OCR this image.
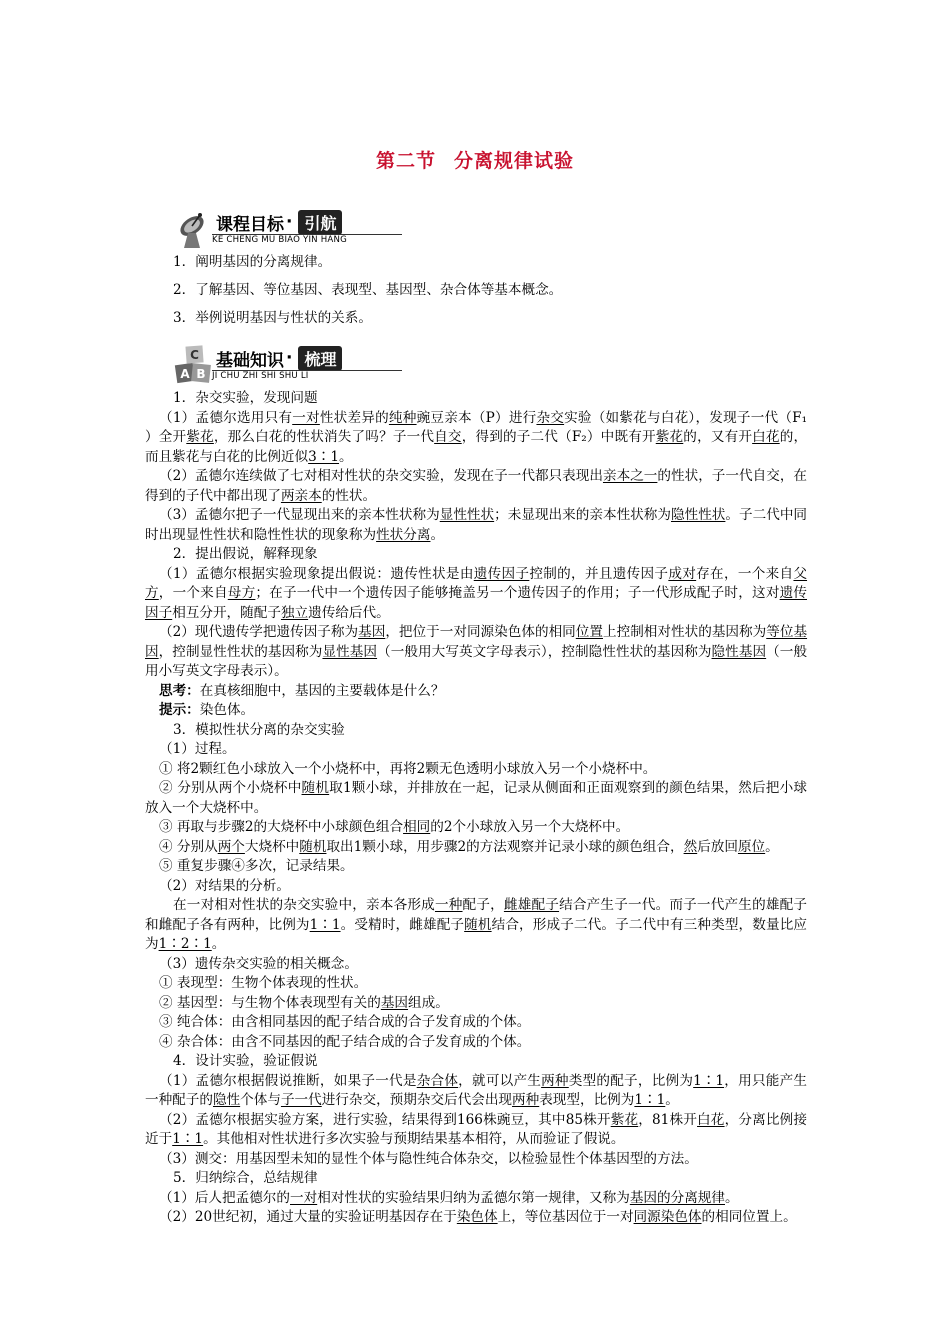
第二节 分离规律试验
课程目标 · 引航
KE CHENG MU BIAO YIN HANG

1．阐明基因的分离规律。

2．了解基因、等位基因、表现型、基因型、杂合体等基本概念。

3．举例说明基因与性状的关系。

C
A B
基础知识 · 梳理
JI CHU ZHI SHI SHU LI

1．杂交实验，发现问题

（1）孟德尔选用只有一对性状差异的纯种豌豆亲本（P）进行杂交实验（如紫花与白花），发现子一代（F₁ ）全开紫花，那么白花的性状消失了吗？子一代自交，得到的子二代（F₂）中既有开紫花的，又有开白花的，而且紫花与白花的比例近似3∶1。

（2）孟德尔连续做了七对相对性状的杂交实验，发现在子一代都只表现出亲本之一的性状，子一代自交，在得到的子代中都出现了两亲本的性状。

（3）孟德尔把子一代显现出来的亲本性状称为显性性状；未显现出来的亲本性状称为隐性性状。子二代中同时出现显性性状和隐性性状的现象称为性状分离。

2．提出假说，解释现象

（1）孟德尔根据实验现象提出假说：遗传性状是由遗传因子控制的，并且遗传因子成对存在，一个来自父方，一个来自母方；在子一代中一个遗传因子能够掩盖另一个遗传因子的作用；子一代形成配子时，这对遗传因子相互分开，随配子独立遗传给后代。

（2）现代遗传学把遗传因子称为基因，把位于一对同源染色体的相同位置上控制相对性状的基因称为等位基因，控制显性性状的基因称为显性基因（一般用大写英文字母表示），控制隐性性状的基因称为隐性基因（一般用小写英文字母表示）。

思考：在真核细胞中，基因的主要载体是什么？

提示：染色体。

3．模拟性状分离的杂交实验

（1）过程。

① 将2颗红色小球放入一个小烧杯中，再将2颗无色透明小球放入另一个小烧杯中。

② 分别从两个小烧杯中随机取1颗小球，并排放在一起，记录从侧面和正面观察到的颜色结果，然后把小球放入一个大烧杯中。

③ 再取与步骤2的大烧杯中小球颜色组合相同的2个小球放入另一个大烧杯中。

④ 分别从两个大烧杯中随机取出1颗小球，用步骤2的方法观察并记录小球的颜色组合，然后放回原位。

⑤ 重复步骤④多次，记录结果。

（2）对结果的分析。

在一对相对性状的杂交实验中，亲本各形成一种配子，雌雄配子结合产生子一代。而子一代产生的雄配子和雌配子各有两种，比例为1∶1。受精时，雌雄配子随机结合，形成子二代。子二代中有三种类型，数量比应为1∶2∶1。

（3）遗传杂交实验的相关概念。

① 表现型：生物个体表现的性状。

② 基因型：与生物个体表现型有关的基因组成。

③ 纯合体：由含相同基因的配子结合成的合子发育成的个体。

④ 杂合体：由含不同基因的配子结合成的合子发育成的个体。

4．设计实验，验证假说

（1）孟德尔根据假说推断，如果子一代是杂合体，就可以产生两种类型的配子，比例为1∶1，用只能产生一种配子的隐性个体与子一代进行杂交，预期杂交后代会出现两种表现型，比例为1∶1。

（2）孟德尔根据实验方案，进行实验，结果得到166株豌豆，其中85株开紫花，81株开白花，分离比例接近于1∶1。其他相对性状进行多次实验与预期结果基本相符，从而验证了假说。

（3）测交：用基因型未知的显性个体与隐性纯合体杂交，以检验显性个体基因型的方法。

5．归纳综合，总结规律

（1）后人把孟德尔的一对相对性状的实验结果归纳为孟德尔第一规律，又称为基因的分离规律。

（2）20世纪初，通过大量的实验证明基因存在于染色体上，等位基因位于一对同源染色体的相同位置上。
